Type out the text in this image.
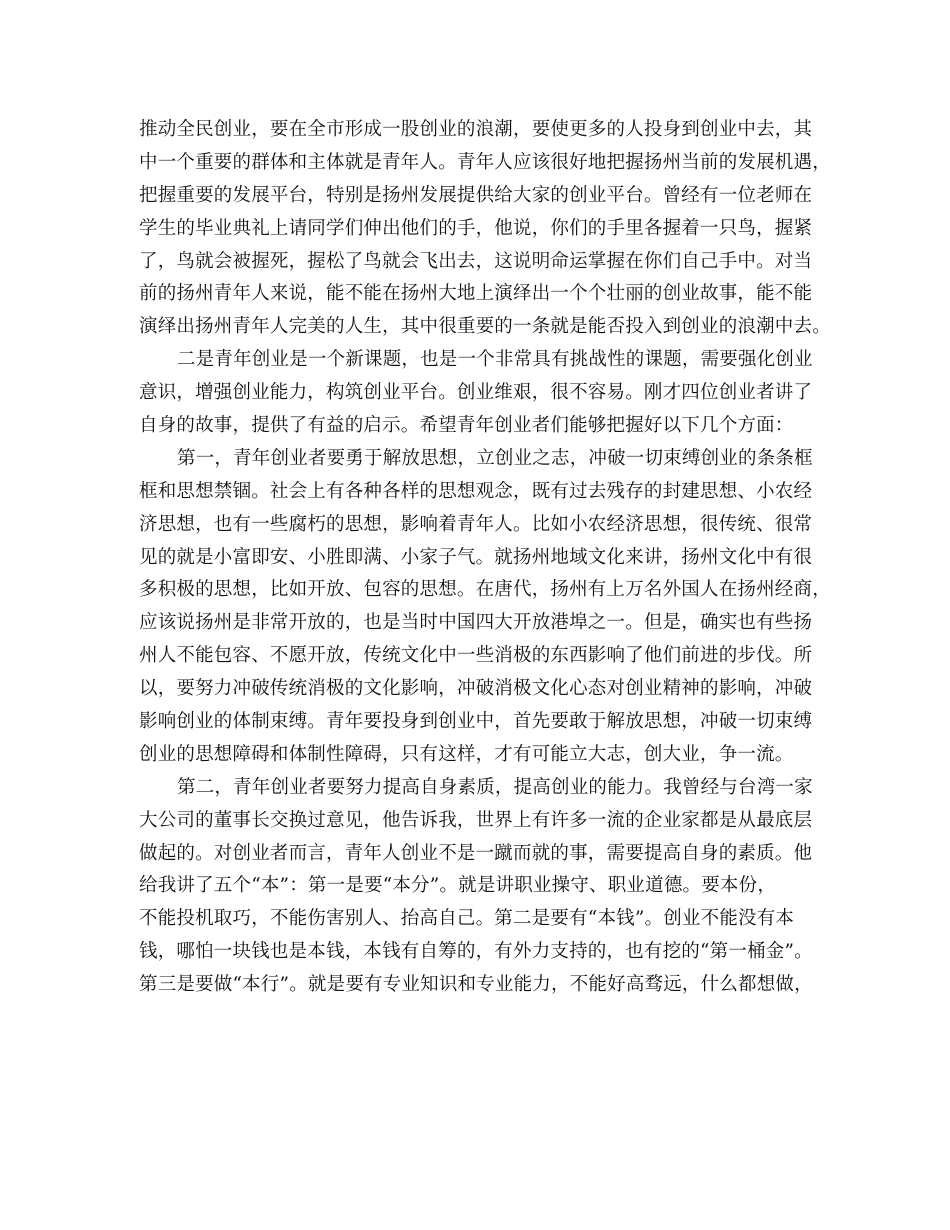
推动全民创业，要在全市形成一股创业的浪潮，要使更多的人投身到创业中去，其
中一个重要的群体和主体就是青年人。青年人应该很好地把握扬州当前的发展机遇，
把握重要的发展平台，特别是扬州发展提供给大家的创业平台。曾经有一位老师在
学生的毕业典礼上请同学们伸出他们的手，他说，你们的手里各握着一只鸟，握紧
了，鸟就会被握死，握松了鸟就会飞出去，这说明命运掌握在你们自己手中。对当
前的扬州青年人来说，能不能在扬州大地上演绎出一个个壮丽的创业故事，能不能
演绎出扬州青年人完美的人生，其中很重要的一条就是能否投入到创业的浪潮中去。
二是青年创业是一个新课题，也是一个非常具有挑战性的课题，需要强化创业
意识，增强创业能力，构筑创业平台。创业维艰，很不容易。刚才四位创业者讲了
自身的故事，提供了有益的启示。希望青年创业者们能够把握好以下几个方面：
第一，青年创业者要勇于解放思想，立创业之志，冲破一切束缚创业的条条框
框和思想禁锢。社会上有各种各样的思想观念，既有过去残存的封建思想、小农经
济思想，也有一些腐朽的思想，影响着青年人。比如小农经济思想，很传统、很常
见的就是小富即安、小胜即满、小家子气。就扬州地域文化来讲，扬州文化中有很
多积极的思想，比如开放、包容的思想。在唐代，扬州有上万名外国人在扬州经商，
应该说扬州是非常开放的，也是当时中国四大开放港埠之一。但是，确实也有些扬
州人不能包容、不愿开放，传统文化中一些消极的东西影响了他们前进的步伐。所
以，要努力冲破传统消极的文化影响，冲破消极文化心态对创业精神的影响，冲破
影响创业的体制束缚。青年要投身到创业中，首先要敢于解放思想，冲破一切束缚
创业的思想障碍和体制性障碍，只有这样，才有可能立大志，创大业，争一流。
第二，青年创业者要努力提高自身素质，提高创业的能力。我曾经与台湾一家
大公司的董事长交换过意见，他告诉我，世界上有许多一流的企业家都是从最底层
做起的。对创业者而言，青年人创业不是一蹴而就的事，需要提高自身的素质。他
给我讲了五个“本”：第一是要“本分”。就是讲职业操守、职业道德。要本份，
不能投机取巧，不能伤害别人、抬高自己。第二是要有“本钱”。创业不能没有本
钱，哪怕一块钱也是本钱，本钱有自筹的，有外力支持的，也有挖的“第一桶金”。
第三是要做“本行”。就是要有专业知识和专业能力，不能好高骛远，什么都想做，
